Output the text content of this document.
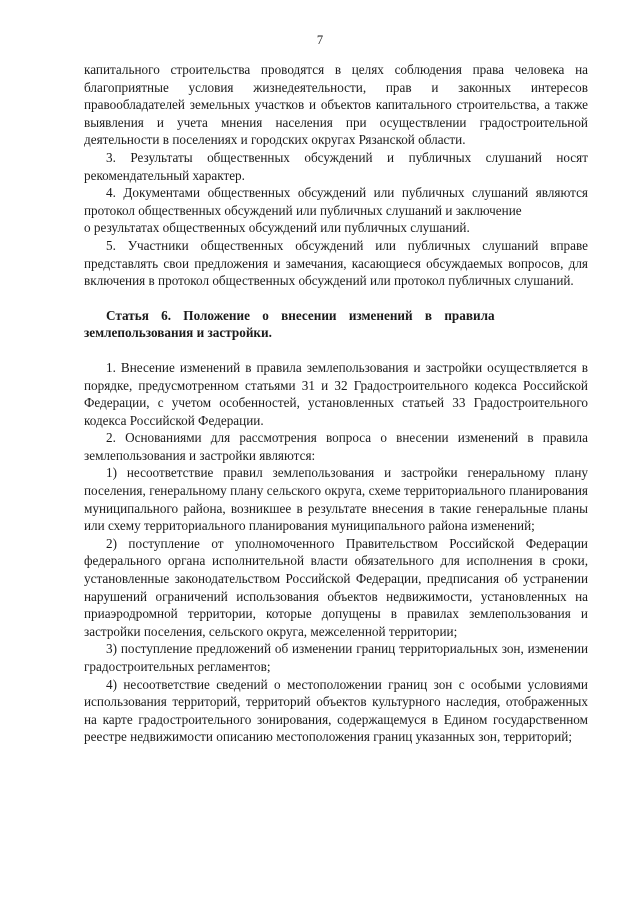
7

капитального строительства проводятся в целях соблюдения права человека на благоприятные условия жизнедеятельности, прав и законных интересов правообладателей земельных участков и объектов капитального строительства, а также выявления и учета мнения населения при осуществлении градостроительной деятельности в поселениях и городских округах Рязанской области.

3. Результаты общественных обсуждений и публичных слушаний носят рекомендательный характер.

4. Документами общественных обсуждений или публичных слушаний являются протокол общественных обсуждений или публичных слушаний и заключение

о результатах общественных обсуждений или публичных слушаний.

5. Участники общественных обсуждений или публичных слушаний вправе представлять свои предложения и замечания, касающиеся обсуждаемых вопросов, для включения в протокол общественных обсуждений или протокол публичных слушаний.

Статья 6. Положение о внесении изменений в правила
землепользования и застройки.

1. Внесение изменений в правила землепользования и застройки осуществляется в порядке, предусмотренном статьями 31 и 32 Градостроительного кодекса Российской Федерации, с учетом особенностей, установленных статьей 33 Градостроительного кодекса Российской Федерации.

2. Основаниями для рассмотрения вопроса о внесении изменений в правила землепользования и застройки являются:

1) несоответствие правил землепользования и застройки генеральному плану поселения, генеральному плану сельского округа, схеме территориального планирования муниципального района, возникшее в результате внесения в такие генеральные планы или схему территориального планирования муниципального района изменений;

2) поступление от уполномоченного Правительством Российской Федерации федерального органа исполнительной власти обязательного для исполнения в сроки, установленные законодательством Российской Федерации, предписания об устранении нарушений ограничений использования объектов недвижимости, установленных на приаэродромной территории, которые допущены в правилах землепользования и застройки поселения, сельского округа, межселенной территории;

3) поступление предложений об изменении границ территориальных зон, изменении градостроительных регламентов;

4) несоответствие сведений о местоположении границ зон с особыми условиями использования территорий, территорий объектов культурного наследия, отображенных на карте градостроительного зонирования, содержащемуся в Едином государственном реестре недвижимости описанию местоположения границ указанных зон, территорий;
